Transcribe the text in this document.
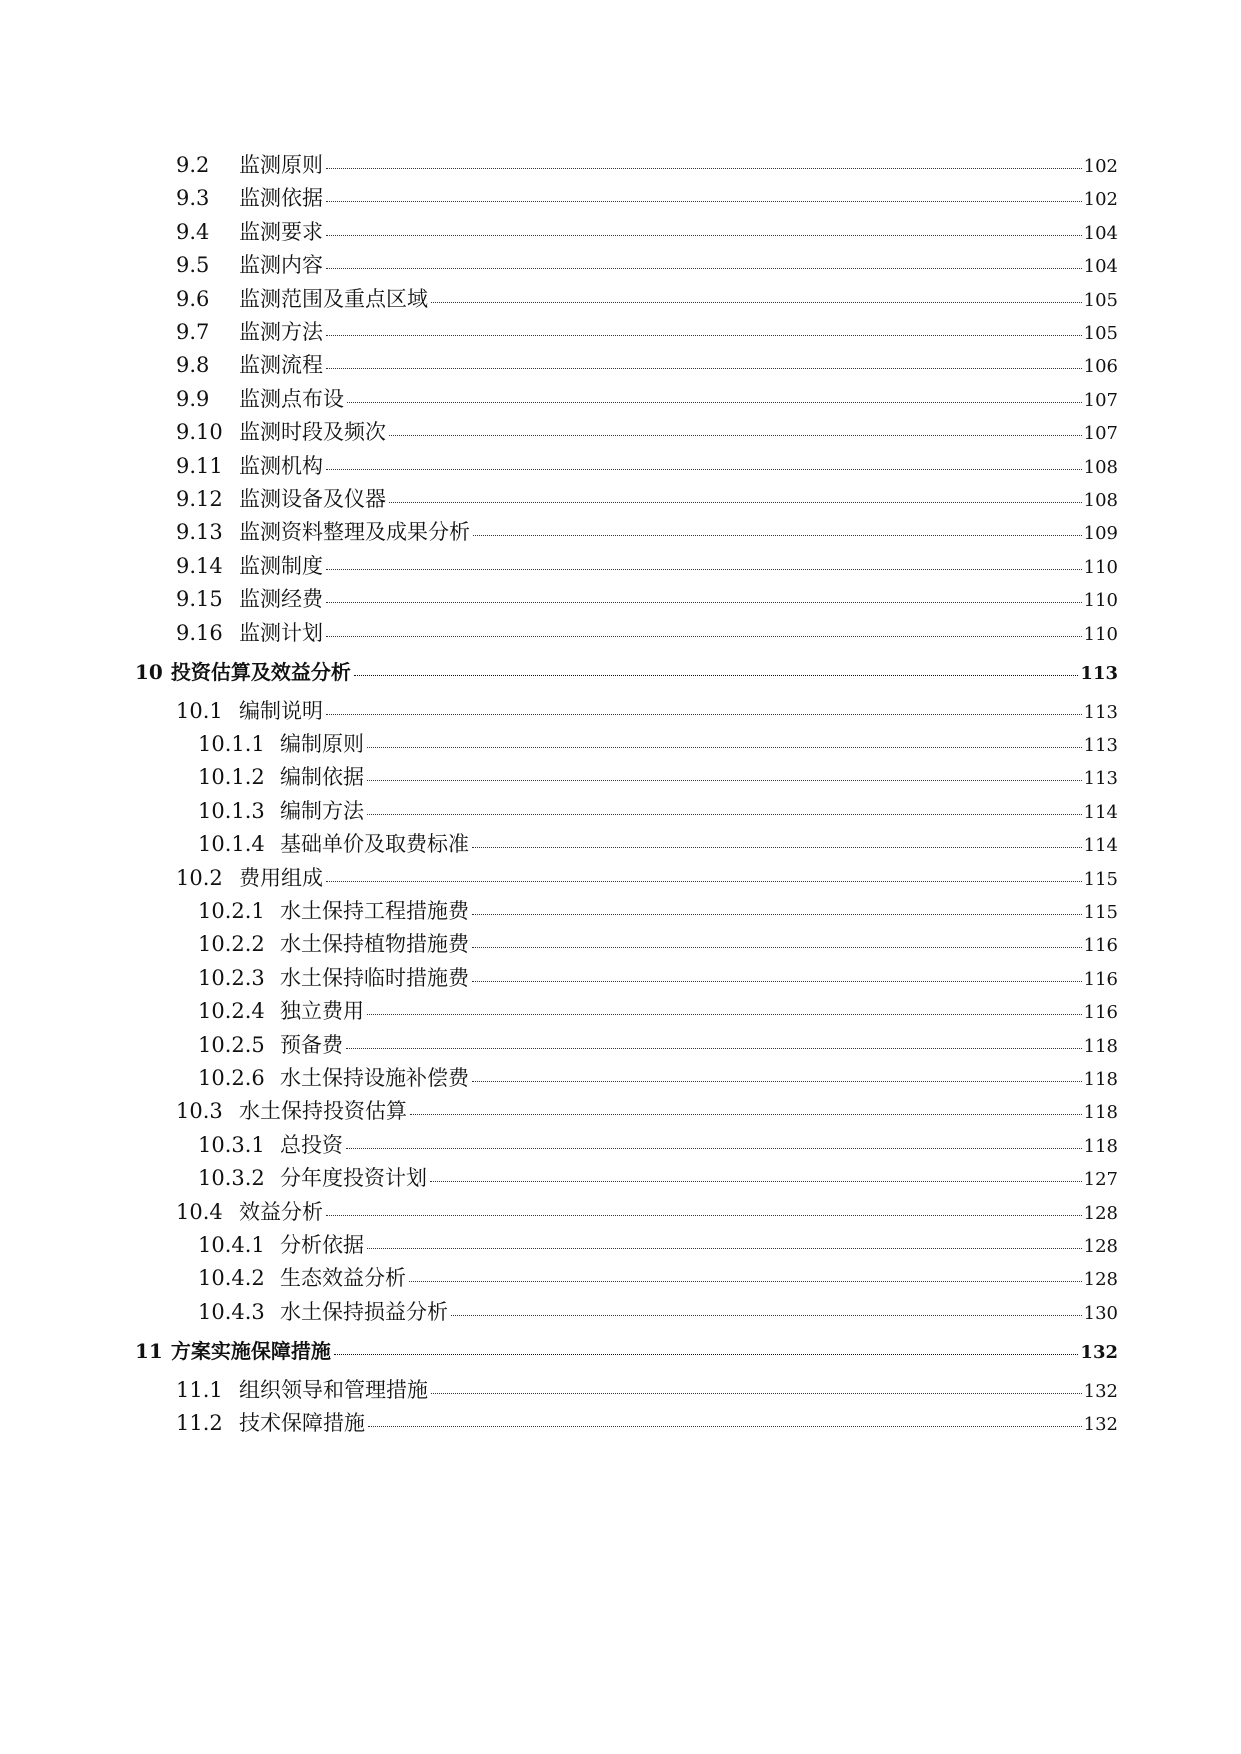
9.2	监测原则	102
9.3	监测依据	102
9.4	监测要求	104
9.5	监测内容	104
9.6	监测范围及重点区域	105
9.7	监测方法	105
9.8	监测流程	106
9.9	监测点布设	107
9.10 监测时段及频次	107
9.11 监测机构	108
9.12 监测设备及仪器	108
9.13 监测资料整理及成果分析	109
9.14 监测制度	110
9.15 监测经费	110
9.16 监测计划	110
10 投资估算及效益分析	113
10.1 编制说明	113
10.1.1 编制原则	113
10.1.2 编制依据	113
10.1.3 编制方法	114
10.1.4 基础单价及取费标准	114
10.2 费用组成	115
10.2.1 水土保持工程措施费	115
10.2.2 水土保持植物措施费	116
10.2.3 水土保持临时措施费	116
10.2.4 独立费用	116
10.2.5 预备费	118
10.2.6 水土保持设施补偿费	118
10.3 水土保持投资估算	118
10.3.1 总投资	118
10.3.2 分年度投资计划	127
10.4 效益分析	128
10.4.1 分析依据	128
10.4.2 生态效益分析	128
10.4.3 水土保持损益分析	130
11 方案实施保障措施	132
11.1 组织领导和管理措施	132
11.2 技术保障措施	132
